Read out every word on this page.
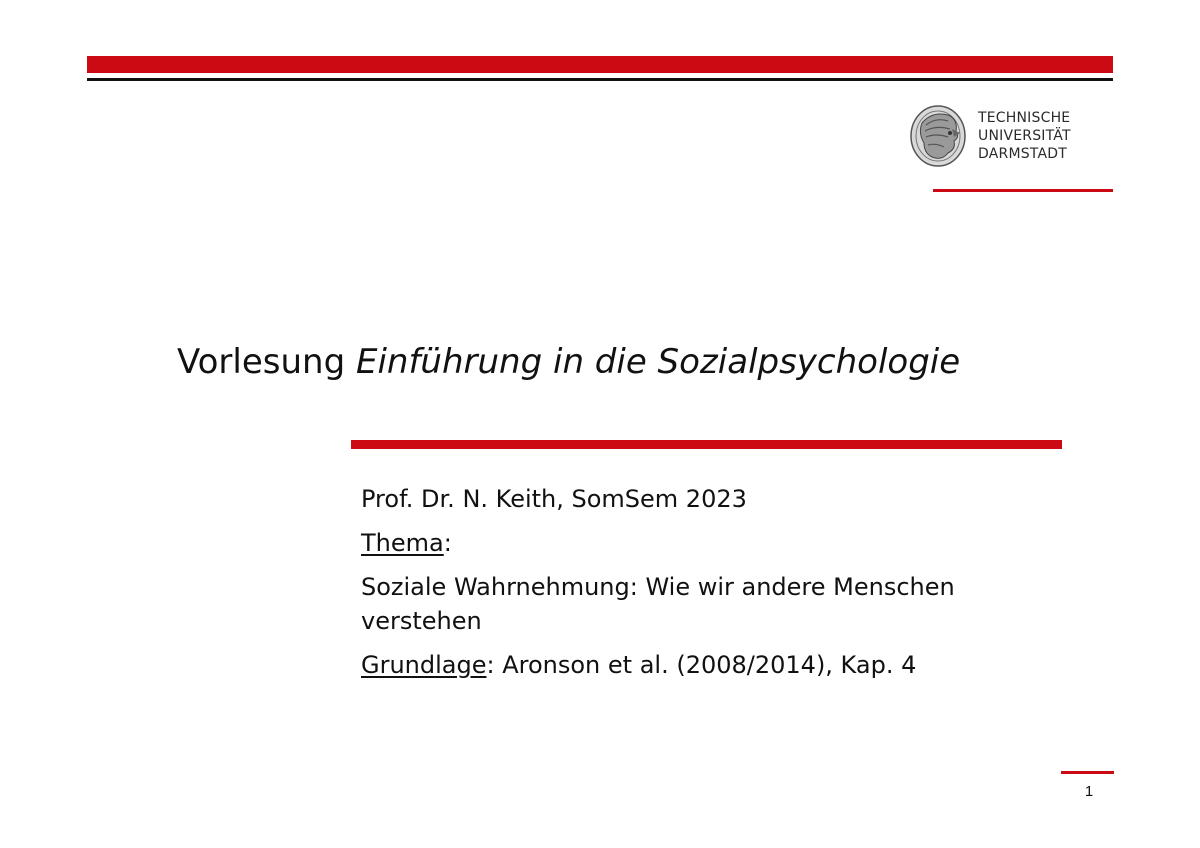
TECHNISCHE
UNIVERSITÄT
DARMSTADT
Vorlesung Einführung in die Sozialpsychologie

Prof. Dr. N. Keith, SomSem 2023

Thema:

Soziale Wahrnehmung: Wie wir andere Menschen

verstehen

Grundlage: Aronson et al. (2008/2014), Kap. 4

1
